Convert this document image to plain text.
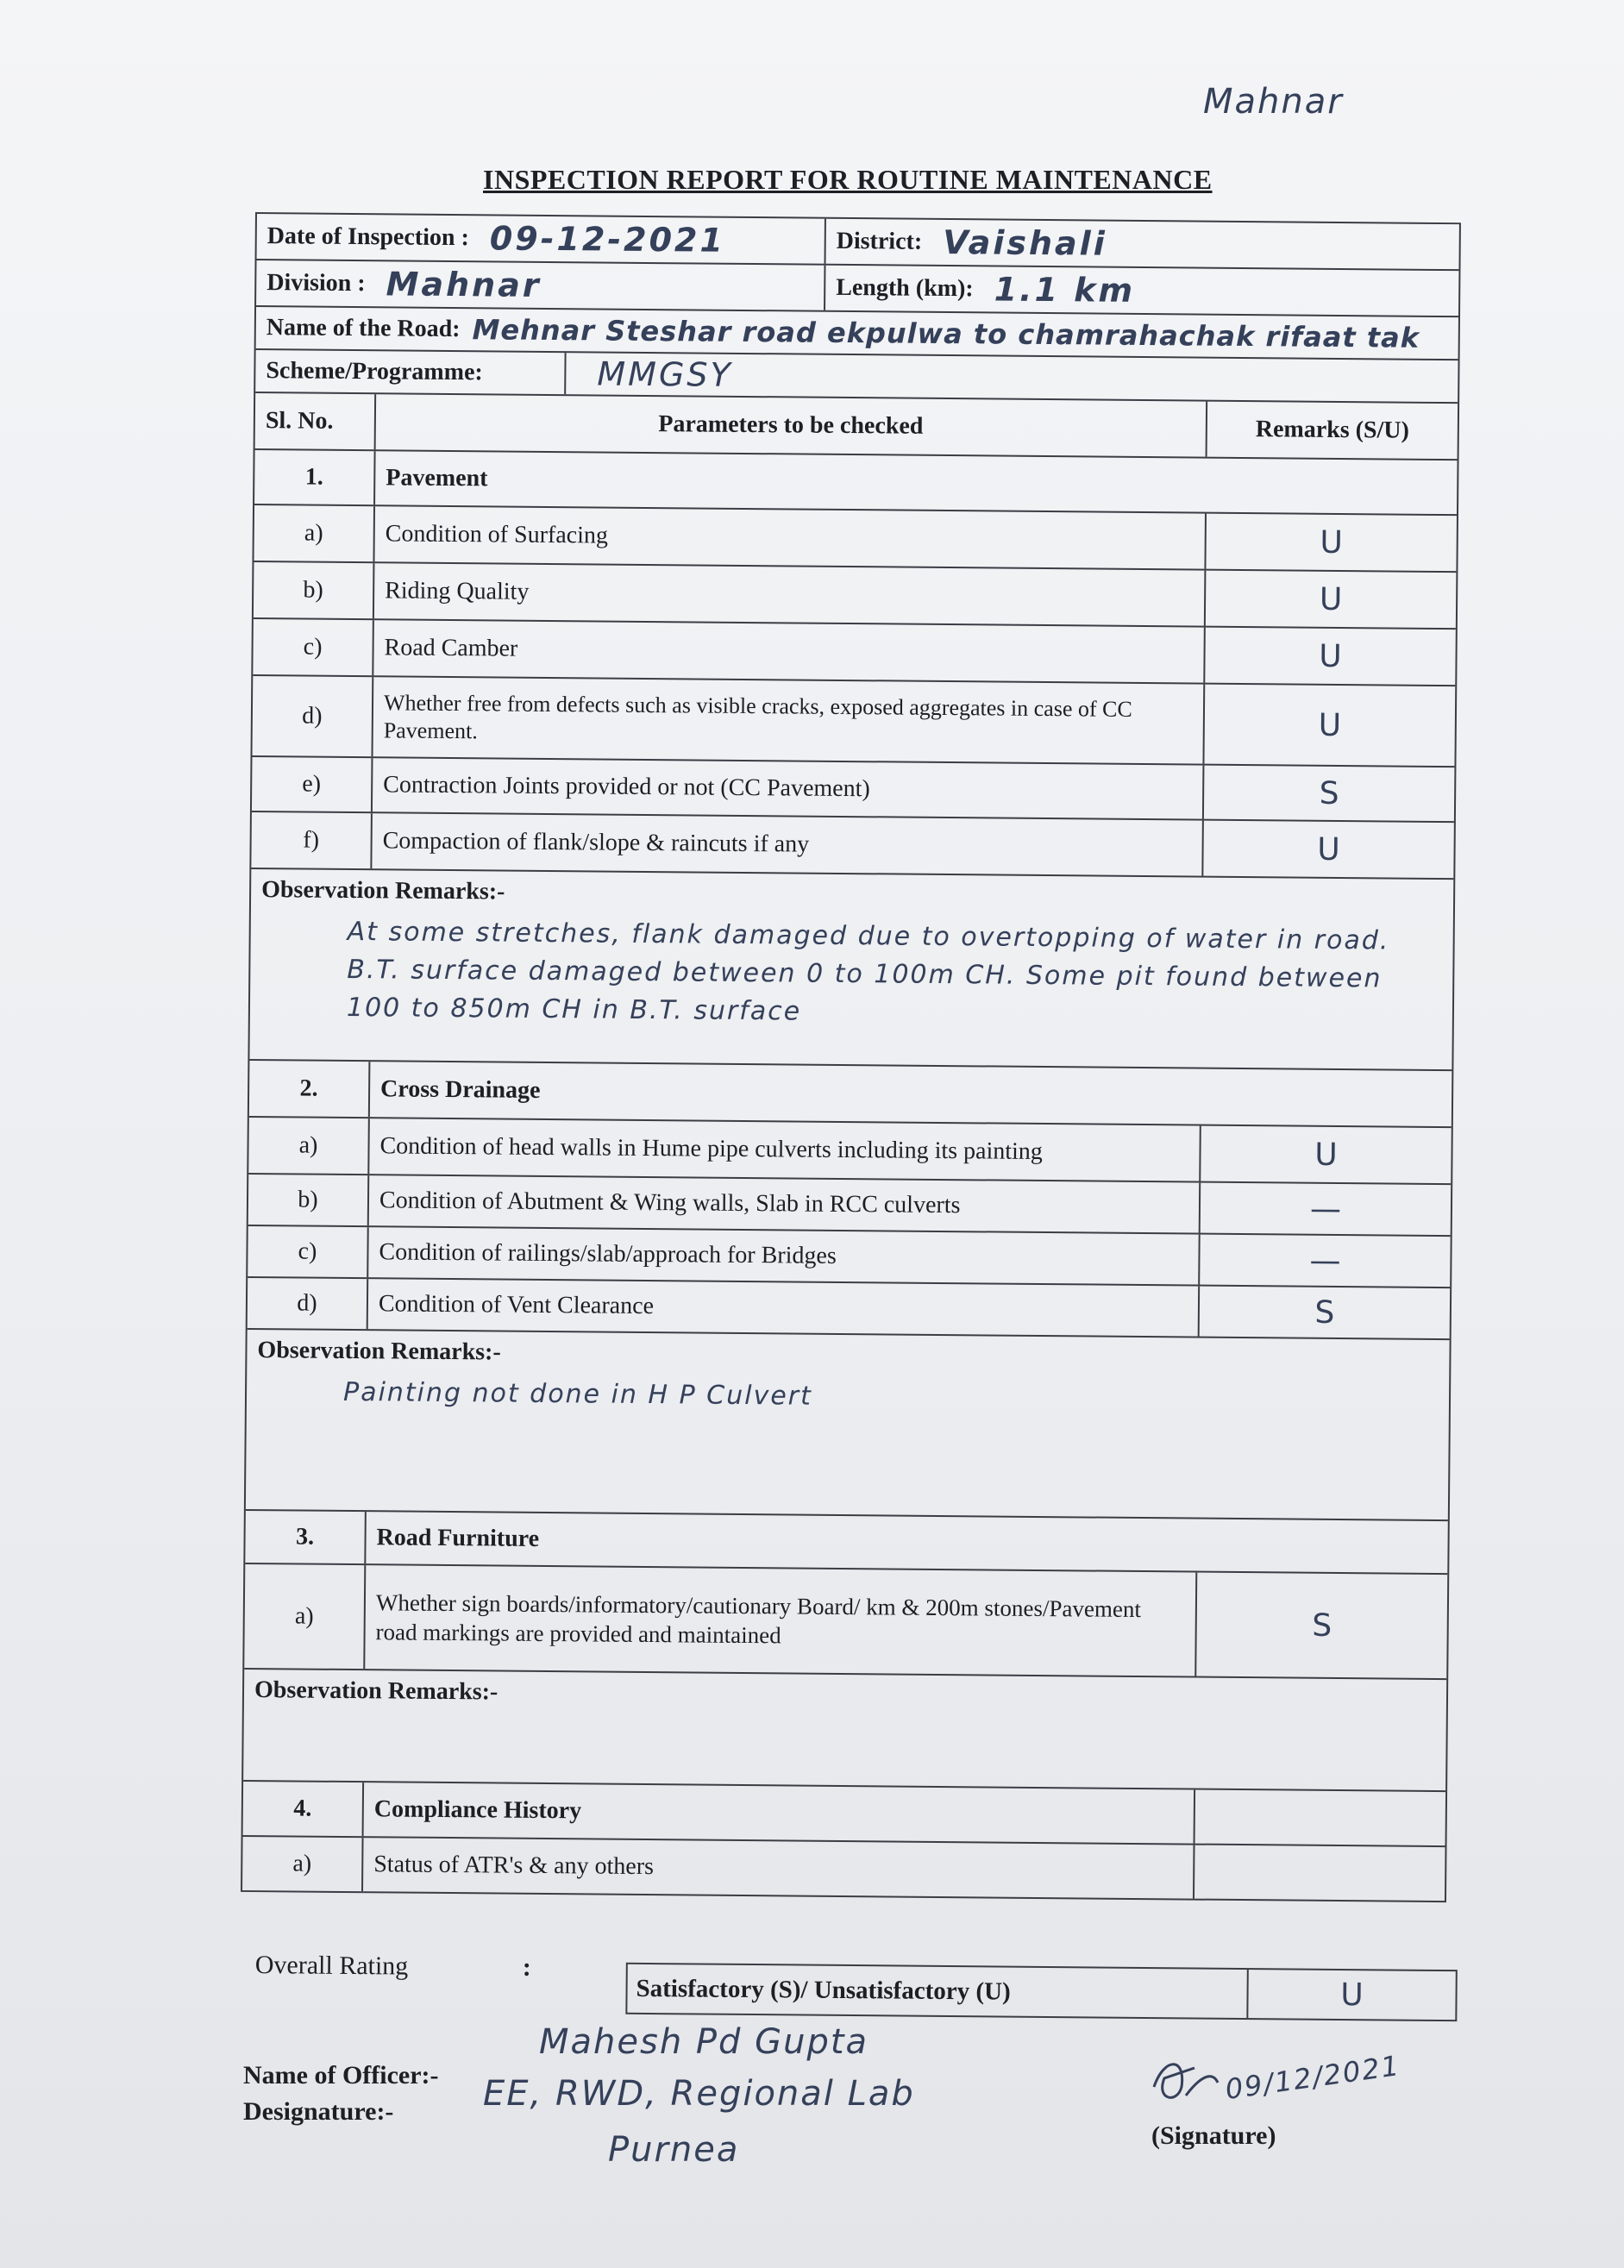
Mahnar
INSPECTION REPORT FOR ROUTINE MAINTENANCE
Date of Inspection : 09-12-2021	District: Vaishali
Division : Mahnar	Length (km): 1.1 km
Name of the Road: Mehnar Steshar road ekpulwa to chamrahachak rifaat tak
Scheme/Programme:	MMGSY
Sl. No.	Parameters to be checked	Remarks (S/U)
1.	Pavement
a)	Condition of Surfacing	U
b)	Riding Quality	U
c)	Road Camber	U
d)	Whether free from defects such as visible cracks, exposed aggregates in case of CC Pavement.	U
e)	Contraction Joints provided or not (CC Pavement)	S
f)	Compaction of flank/slope & raincuts if any	U
Observation Remarks:-
At some stretches, flank damaged due to overtopping of water in road. B.T. surface damaged between 0 to 100m CH. Some pit found between 100 to 850m CH in B.T. surface
2.	Cross Drainage
a)	Condition of head walls in Hume pipe culverts including its painting	U
b)	Condition of Abutment & Wing walls, Slab in RCC culverts	—
c)	Condition of railings/slab/approach for Bridges	—
d)	Condition of Vent Clearance	S
Observation Remarks:-
Painting not done in H P Culvert
3.	Road Furniture
a)	Whether sign boards/informatory/cautionary Board/ km & 200m stones/Pavement road markings are provided and maintained	S
Observation Remarks:-
4.	Compliance History
a)	Status of ATR's & any others
Overall Rating	:
Satisfactory (S)/ Unsatisfactory (U)	U
Name of Officer:-
Designature:-
Mahesh Pd Gupta
EE, RWD, Regional Lab
Purnea
09/12/2021
(Signature)
